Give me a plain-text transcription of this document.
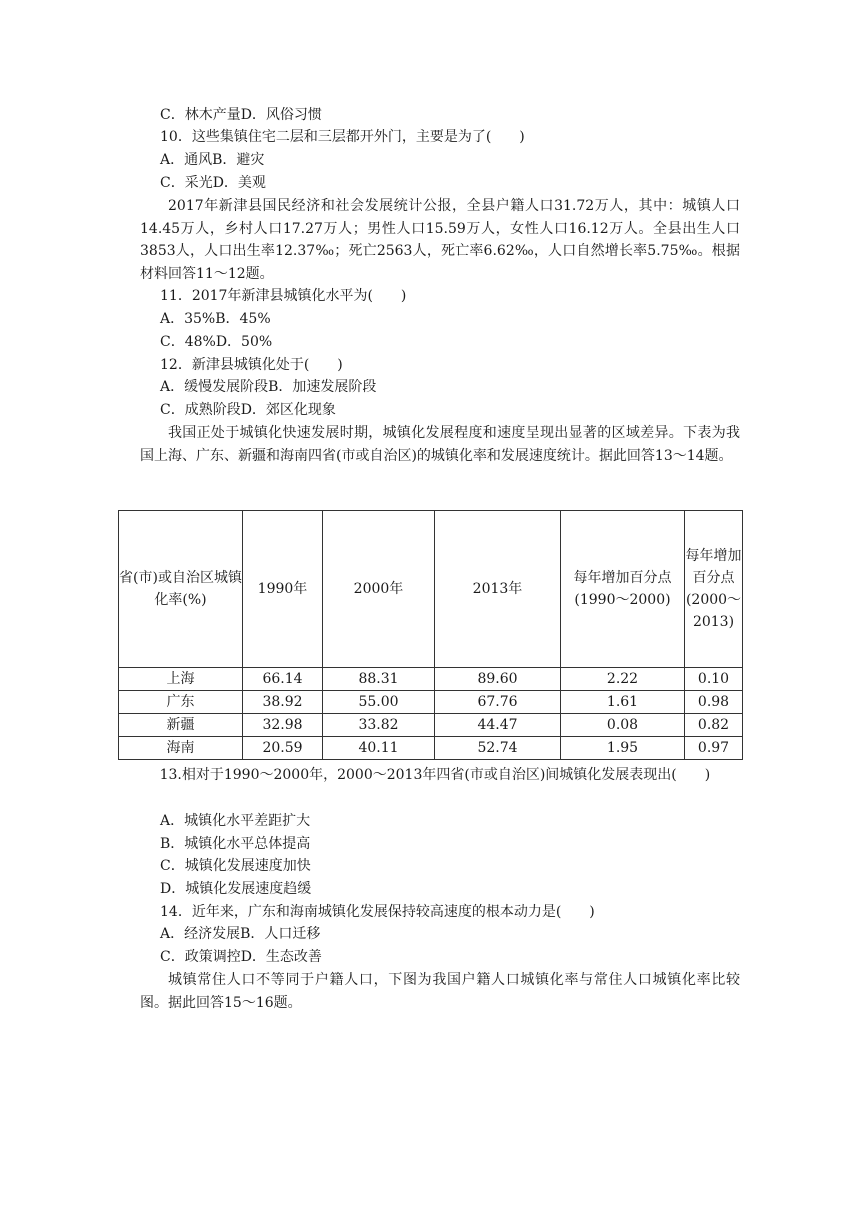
C．林木产量D．风俗习惯
10．这些集镇住宅二层和三层都开外门，主要是为了(　　)
A．通风B．避灾
C．采光D．美观
2017年新津县国民经济和社会发展统计公报，全县户籍人口31.72万人，其中：城镇人口14.45万人，乡村人口17.27万人；男性人口15.59万人，女性人口16.12万人。全县出生人口3853人，人口出生率12.37‰；死亡2563人，死亡率6.62‰，人口自然增长率5.75‰。根据材料回答11～12题。
11．2017年新津县城镇化水平为(　　)
A．35%B．45%
C．48%D．50%
12．新津县城镇化处于(　　)
A．缓慢发展阶段B．加速发展阶段
C．成熟阶段D．郊区化现象
我国正处于城镇化快速发展时期，城镇化发展程度和速度呈现出显著的区域差异。下表为我国上海、广东、新疆和海南四省(市或自治区)的城镇化率和发展速度统计。据此回答13～14题。
省(市)或自治区城镇化率(%)	1990年	2000年	2013年	每年增加百分点(1990～2000)	每年增加百分点(2000～2013)
上海	66.14	88.31	89.60	2.22	0.10
广东	38.92	55.00	67.76	1.61	0.98
新疆	32.98	33.82	44.47	0.08	0.82
海南	20.59	40.11	52.74	1.95	0.97
13.相对于1990～2000年，2000～2013年四省(市或自治区)间城镇化发展表现出(　　)
A．城镇化水平差距扩大
B．城镇化水平总体提高
C．城镇化发展速度加快
D．城镇化发展速度趋缓
14．近年来，广东和海南城镇化发展保持较高速度的根本动力是(　　)
A．经济发展B．人口迁移
C．政策调控D．生态改善
城镇常住人口不等同于户籍人口，下图为我国户籍人口城镇化率与常住人口城镇化率比较图。据此回答15～16题。
